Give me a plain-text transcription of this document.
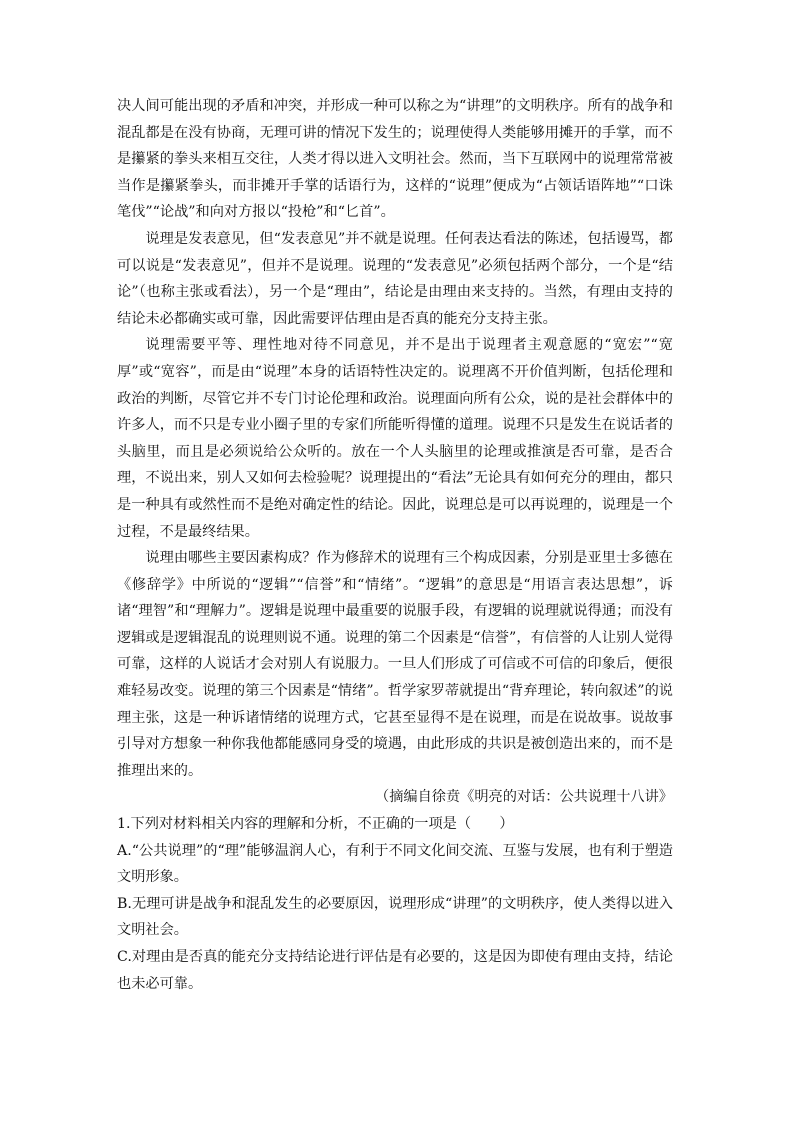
决人间可能出现的矛盾和冲突，并形成一种可以称之为“讲理”的文明秩序。所有的战争和混乱都是在没有协商，无理可讲的情况下发生的；说理使得人类能够用摊开的手掌，而不是攥紧的拳头来相互交往，人类才得以进入文明社会。然而，当下互联网中的说理常常被当作是攥紧拳头，而非摊开手掌的话语行为，这样的“说理”便成为“占领话语阵地”“口诛笔伐”“论战”和向对方报以“投枪”和“匕首”。

说理是发表意见，但“发表意见”并不就是说理。任何表达看法的陈述，包括谩骂，都可以说是“发表意见”，但并不是说理。说理的“发表意见”必须包括两个部分，一个是“结论”（也称主张或看法），另一个是“理由”，结论是由理由来支持的。当然，有理由支持的结论未必都确实或可靠，因此需要评估理由是否真的能充分支持主张。

说理需要平等、理性地对待不同意见，并不是出于说理者主观意愿的“宽宏”“宽厚”或“宽容”，而是由“说理”本身的话语特性决定的。说理离不开价值判断，包括伦理和政治的判断，尽管它并不专门讨论伦理和政治。说理面向所有公众，说的是社会群体中的许多人，而不只是专业小圈子里的专家们所能听得懂的道理。说理不只是发生在说话者的头脑里，而且是必须说给公众听的。放在一个人头脑里的论理或推演是否可靠，是否合理，不说出来，别人又如何去检验呢？说理提出的“看法”无论具有如何充分的理由，都只是一种具有或然性而不是绝对确定性的结论。因此，说理总是可以再说理的，说理是一个过程，不是最终结果。

说理由哪些主要因素构成？作为修辞术的说理有三个构成因素，分别是亚里士多德在《修辞学》中所说的“逻辑”“信誉”和“情绪”。“逻辑”的意思是“用语言表达思想”，诉诸“理智”和“理解力”。逻辑是说理中最重要的说服手段，有逻辑的说理就说得通；而没有逻辑或是逻辑混乱的说理则说不通。说理的第二个因素是“信誉”，有信誉的人让别人觉得可靠，这样的人说话才会对别人有说服力。一旦人们形成了可信或不可信的印象后，便很难轻易改变。说理的第三个因素是“情绪”。哲学家罗蒂就提出“背弃理论，转向叙述”的说理主张，这是一种诉诸情绪的说理方式，它甚至显得不是在说理，而是在说故事。说故事引导对方想象一种你我他都能感同身受的境遇，由此形成的共识是被创造出来的，而不是推理出来的。

（摘编自徐贲《明亮的对话：公共说理十八讲》

1.下列对材料相关内容的理解和分析，不正确的一项是（　　）

A.“公共说理”的“理”能够温润人心，有利于不同文化间交流、互鉴与发展，也有利于塑造文明形象。

B.无理可讲是战争和混乱发生的必要原因，说理形成“讲理”的文明秩序，使人类得以进入文明社会。

C.对理由是否真的能充分支持结论进行评估是有必要的，这是因为即使有理由支持，结论也未必可靠。
